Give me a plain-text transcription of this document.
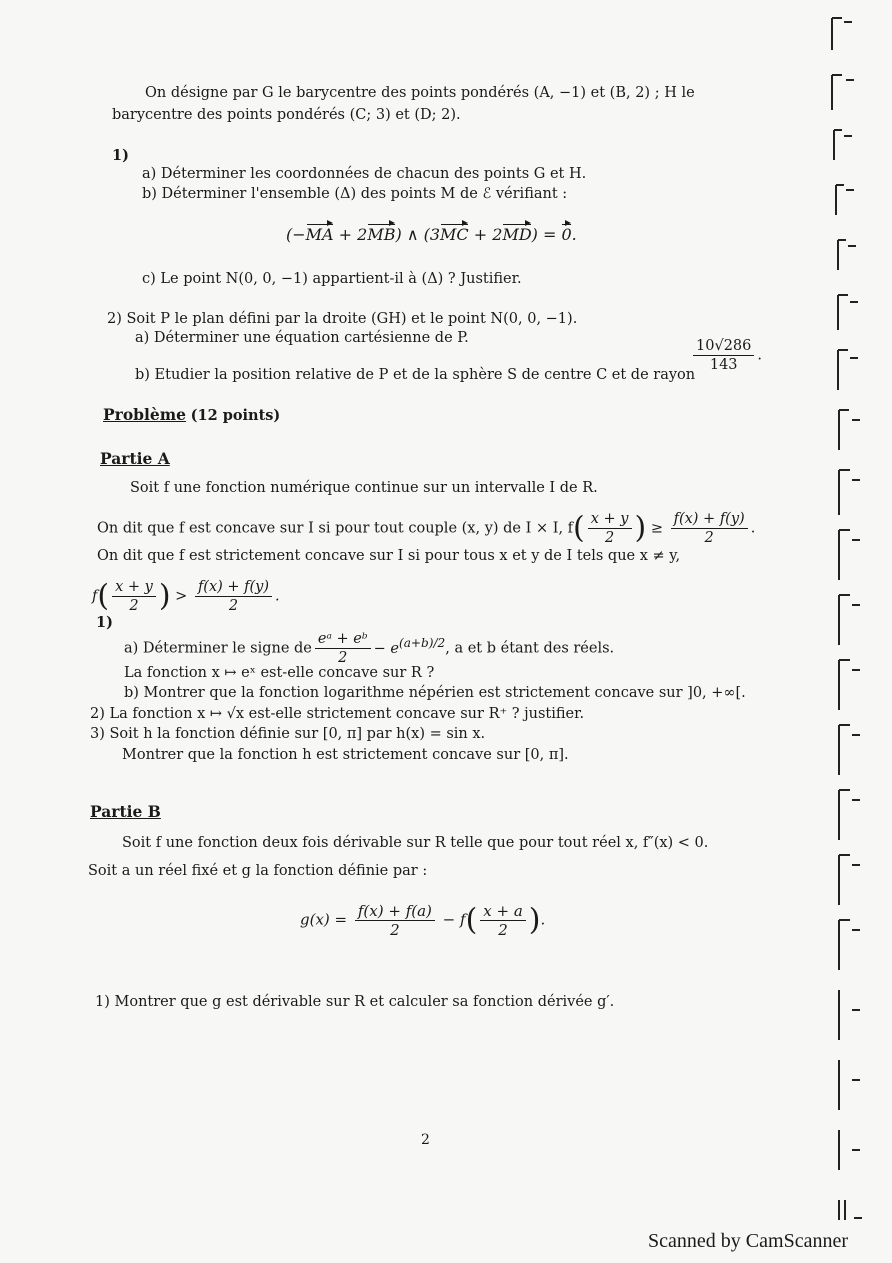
On désigne par G le barycentre des points pondérés (A, −1) et (B, 2) ; H le
barycentre des points pondérés (C; 3) et (D; 2).
1)
a) Déterminer les coordonnées de chacun des points G et H.
b) Déterminer l'ensemble (Δ) des points M de ℰ vérifiant :
(−MA + 2MB) ∧ (3MC + 2MD) = 0.
c) Le point N(0, 0, −1) appartient-il à (Δ) ? Justifier.
2) Soit P le plan défini par la droite (GH) et le point N(0, 0, −1).
a) Déterminer une équation cartésienne de P.
b) Etudier la position relative de P et de la sphère S de centre C et de rayon
$\frac{10√286}{143}$ .
Problème (12 points)
Partie A
Soit f une fonction numérique continue sur un intervalle I de R.
On dit que f est concave sur I si pour tout couple (x, y) de I × I, $f( \frac{x + y}{2}$ ) ≥ $\frac{f(x) + f(y)}{2}$ .
On dit que f est strictement concave sur I si pour tous x et y de I tels que x ≠ y,
$f( \frac{x + y}{2}$ ) > $\frac{f(x) + f(y)}{2}$ .
1)
a) Déterminer le signe de $\frac{\text{eᵃ + eᵇ}}{2} - e^{(a+b)/2}$, a et b étant des réels.
La fonction x ↦ eˣ est-elle concave sur R ?
b) Montrer que la fonction logarithme népérien est strictement concave sur ]0, +∞[.
2) La fonction x ↦ √x est-elle strictement concave sur R⁺ ? justifier.
3) Soit h la fonction définie sur [0, π] par h(x) = sin x.
Montrer que la fonction h est strictement concave sur [0, π].
Partie B
Soit f une fonction deux fois dérivable sur R telle que pour tout réel x, f″(x) < 0.
Soit a un réel fixé et g la fonction définie par :
$g(x) = \frac{f(x) + f(a)}{2} - f( \frac{x + a}{2}$ ).
1) Montrer que g est dérivable sur R et calculer sa fonction dérivée g′.
2
Scanned by CamScanner
